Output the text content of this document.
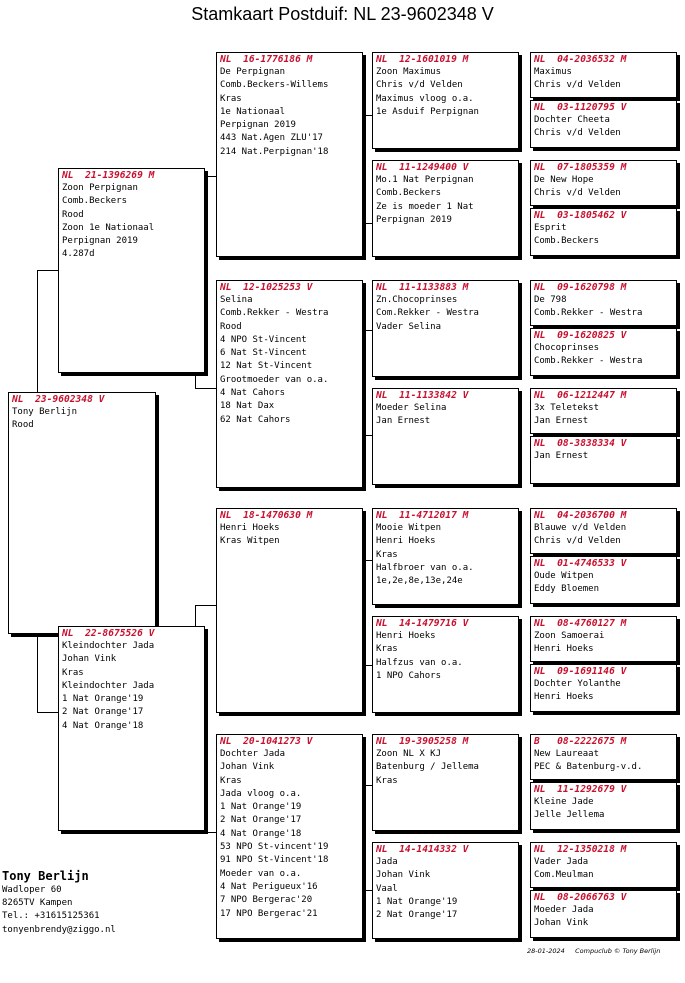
Stamkaart Postduif: NL 23-9602348 V
NL  23-9602348 V
Tony Berlijn
Rood
NL  21-1396269 M
Zoon Perpignan
Comb.Beckers
Rood
Zoon 1e Nationaal
Perpignan 2019
4.287d
NL  22-8675526 V
Kleindochter Jada
Johan Vink
Kras
Kleindochter Jada
1 Nat Orange'19
2 Nat Orange'17
4 Nat Orange'18
NL  16-1776186 M
De Perpignan
Comb.Beckers-Willems
Kras
1e Nationaal
Perpignan 2019
443 Nat.Agen ZLU'17
214 Nat.Perpignan'18
NL  12-1025253 V
Selina
Comb.Rekker - Westra
Rood
4 NPO St-Vincent
6 Nat St-Vincent
12 Nat St-Vincent
Grootmoeder van o.a.
4 Nat Cahors
18 Nat Dax
62 Nat Cahors
NL  18-1470630 M
Henri Hoeks
Kras Witpen
NL  20-1041273 V
Dochter Jada
Johan Vink
Kras
Jada vloog o.a.
1 Nat Orange'19
2 Nat Orange'17
4 Nat Orange'18
53 NPO St-vincent'19
91 NPO St-Vincent'18
Moeder van o.a.
4 Nat Perigueux'16
7 NPO Bergerac'20
17 NPO Bergerac'21
NL  12-1601019 M
Zoon Maximus
Chris v/d Velden
Maximus vloog o.a.
1e Asduif Perpignan
NL  11-1249400 V
Mo.1 Nat Perpignan
Comb.Beckers
Ze is moeder 1 Nat
Perpignan 2019
NL  11-1133883 M
Zn.Chocoprinses
Com.Rekker - Westra
Vader Selina
NL  11-1133842 V
Moeder Selina
Jan Ernest
NL  11-4712017 M
Mooie Witpen
Henri Hoeks
Kras
Halfbroer van o.a.
1e,2e,8e,13e,24e
NL  14-1479716 V
Henri Hoeks
Kras
Halfzus van o.a.
1 NPO Cahors
NL  19-3905258 M
Zoon NL X KJ
Batenburg / Jellema
Kras
NL  14-1414332 V
Jada
Johan Vink
Vaal
1 Nat Orange'19
2 Nat Orange'17
NL  04-2036532 M
Maximus
Chris v/d Velden
NL  03-1120795 V
Dochter Cheeta
Chris v/d Velden
NL  07-1805359 M
De New Hope
Chris v/d Velden
NL  03-1805462 V
Esprit
Comb.Beckers
NL  09-1620798 M
De 798
Comb.Rekker - Westra
NL  09-1620825 V
Chocoprinses
Comb.Rekker - Westra
NL  06-1212447 M
3x Teletekst
Jan Ernest
NL  08-3838334 V
Jan Ernest
NL  04-2036700 M
Blauwe v/d Velden
Chris v/d Velden
NL  01-4746533 V
Oude Witpen
Eddy Bloemen
NL  08-4760127 M
Zoon Samoerai
Henri Hoeks
NL  09-1691146 V
Dochter Yolanthe
Henri Hoeks
B   08-2222675 M
New Laureaat
PEC & Batenburg-v.d.
NL  11-1292679 V
Kleine Jade
Jelle Jellema
NL  12-1350218 M
Vader Jada
Com.Meulman
NL  08-2066763 V
Moeder Jada
Johan Vink
Tony Berlijn
Wadloper 60
8265TV Kampen
Tel.: +31615125361
tonyenbrendy@ziggo.nl
28-01-2024 Compuclub © Tony Berlijn
